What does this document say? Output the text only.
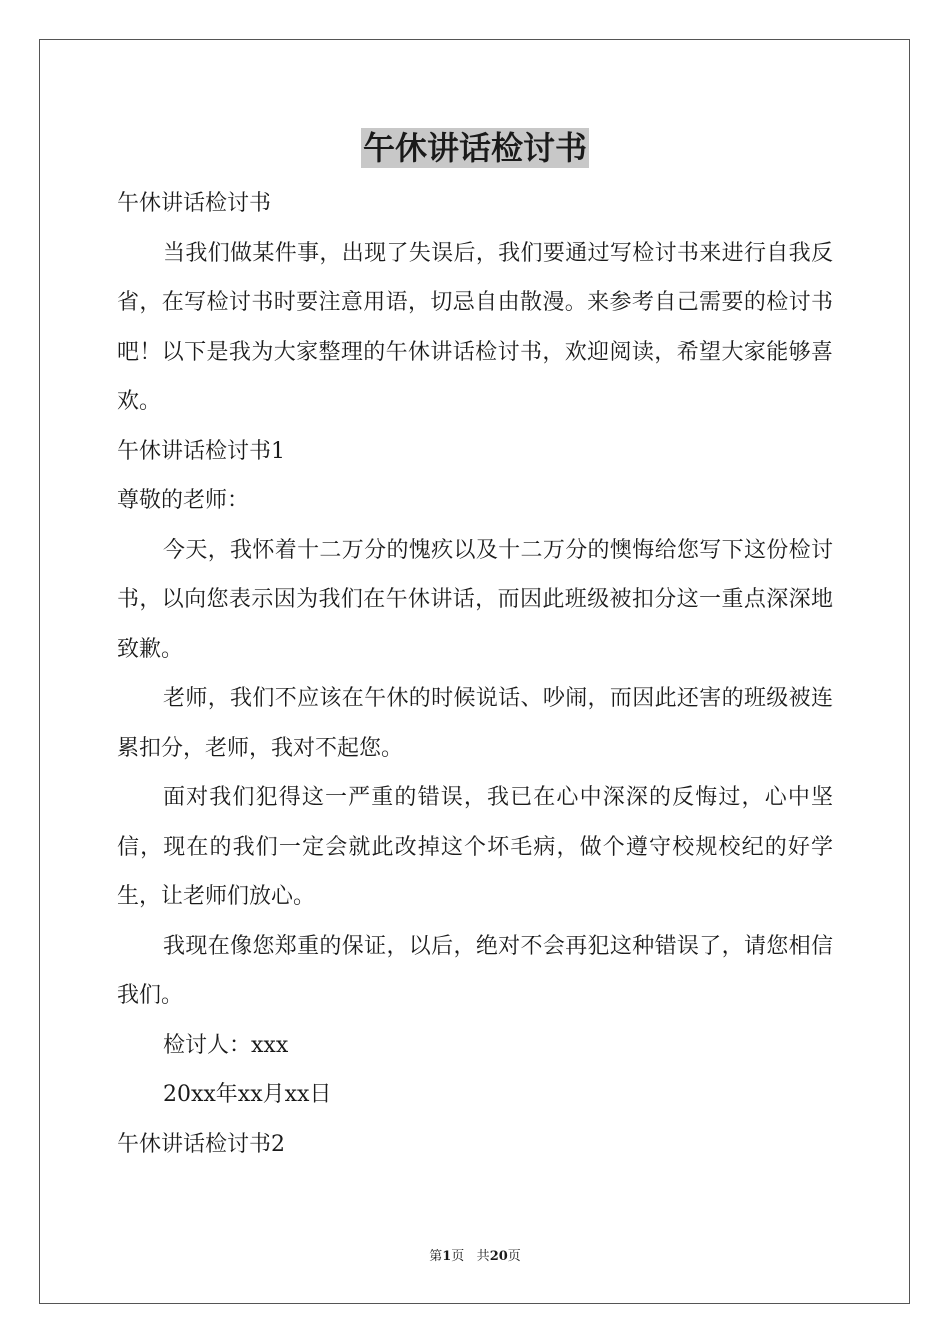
午休讲话检讨书

午休讲话检讨书

当我们做某件事，出现了失误后，我们要通过写检讨书来进行自我反省，在写检讨书时要注意用语，切忌自由散漫。来参考自己需要的检讨书吧！以下是我为大家整理的午休讲话检讨书，欢迎阅读，希望大家能够喜欢。

午休讲话检讨书1

尊敬的老师：

今天，我怀着十二万分的愧疚以及十二万分的懊悔给您写下这份检讨书，以向您表示因为我们在午休讲话，而因此班级被扣分这一重点深深地致歉。

老师，我们不应该在午休的时候说话、吵闹，而因此还害的班级被连累扣分，老师，我对不起您。

面对我们犯得这一严重的错误，我已在心中深深的反悔过，心中坚信，现在的我们一定会就此改掉这个坏毛病，做个遵守校规校纪的好学生，让老师们放心。

我现在像您郑重的保证，以后，绝对不会再犯这种错误了，请您相信我们。

检讨人：xxx

20xx年xx月xx日

午休讲话检讨书2

第1页 共20页
